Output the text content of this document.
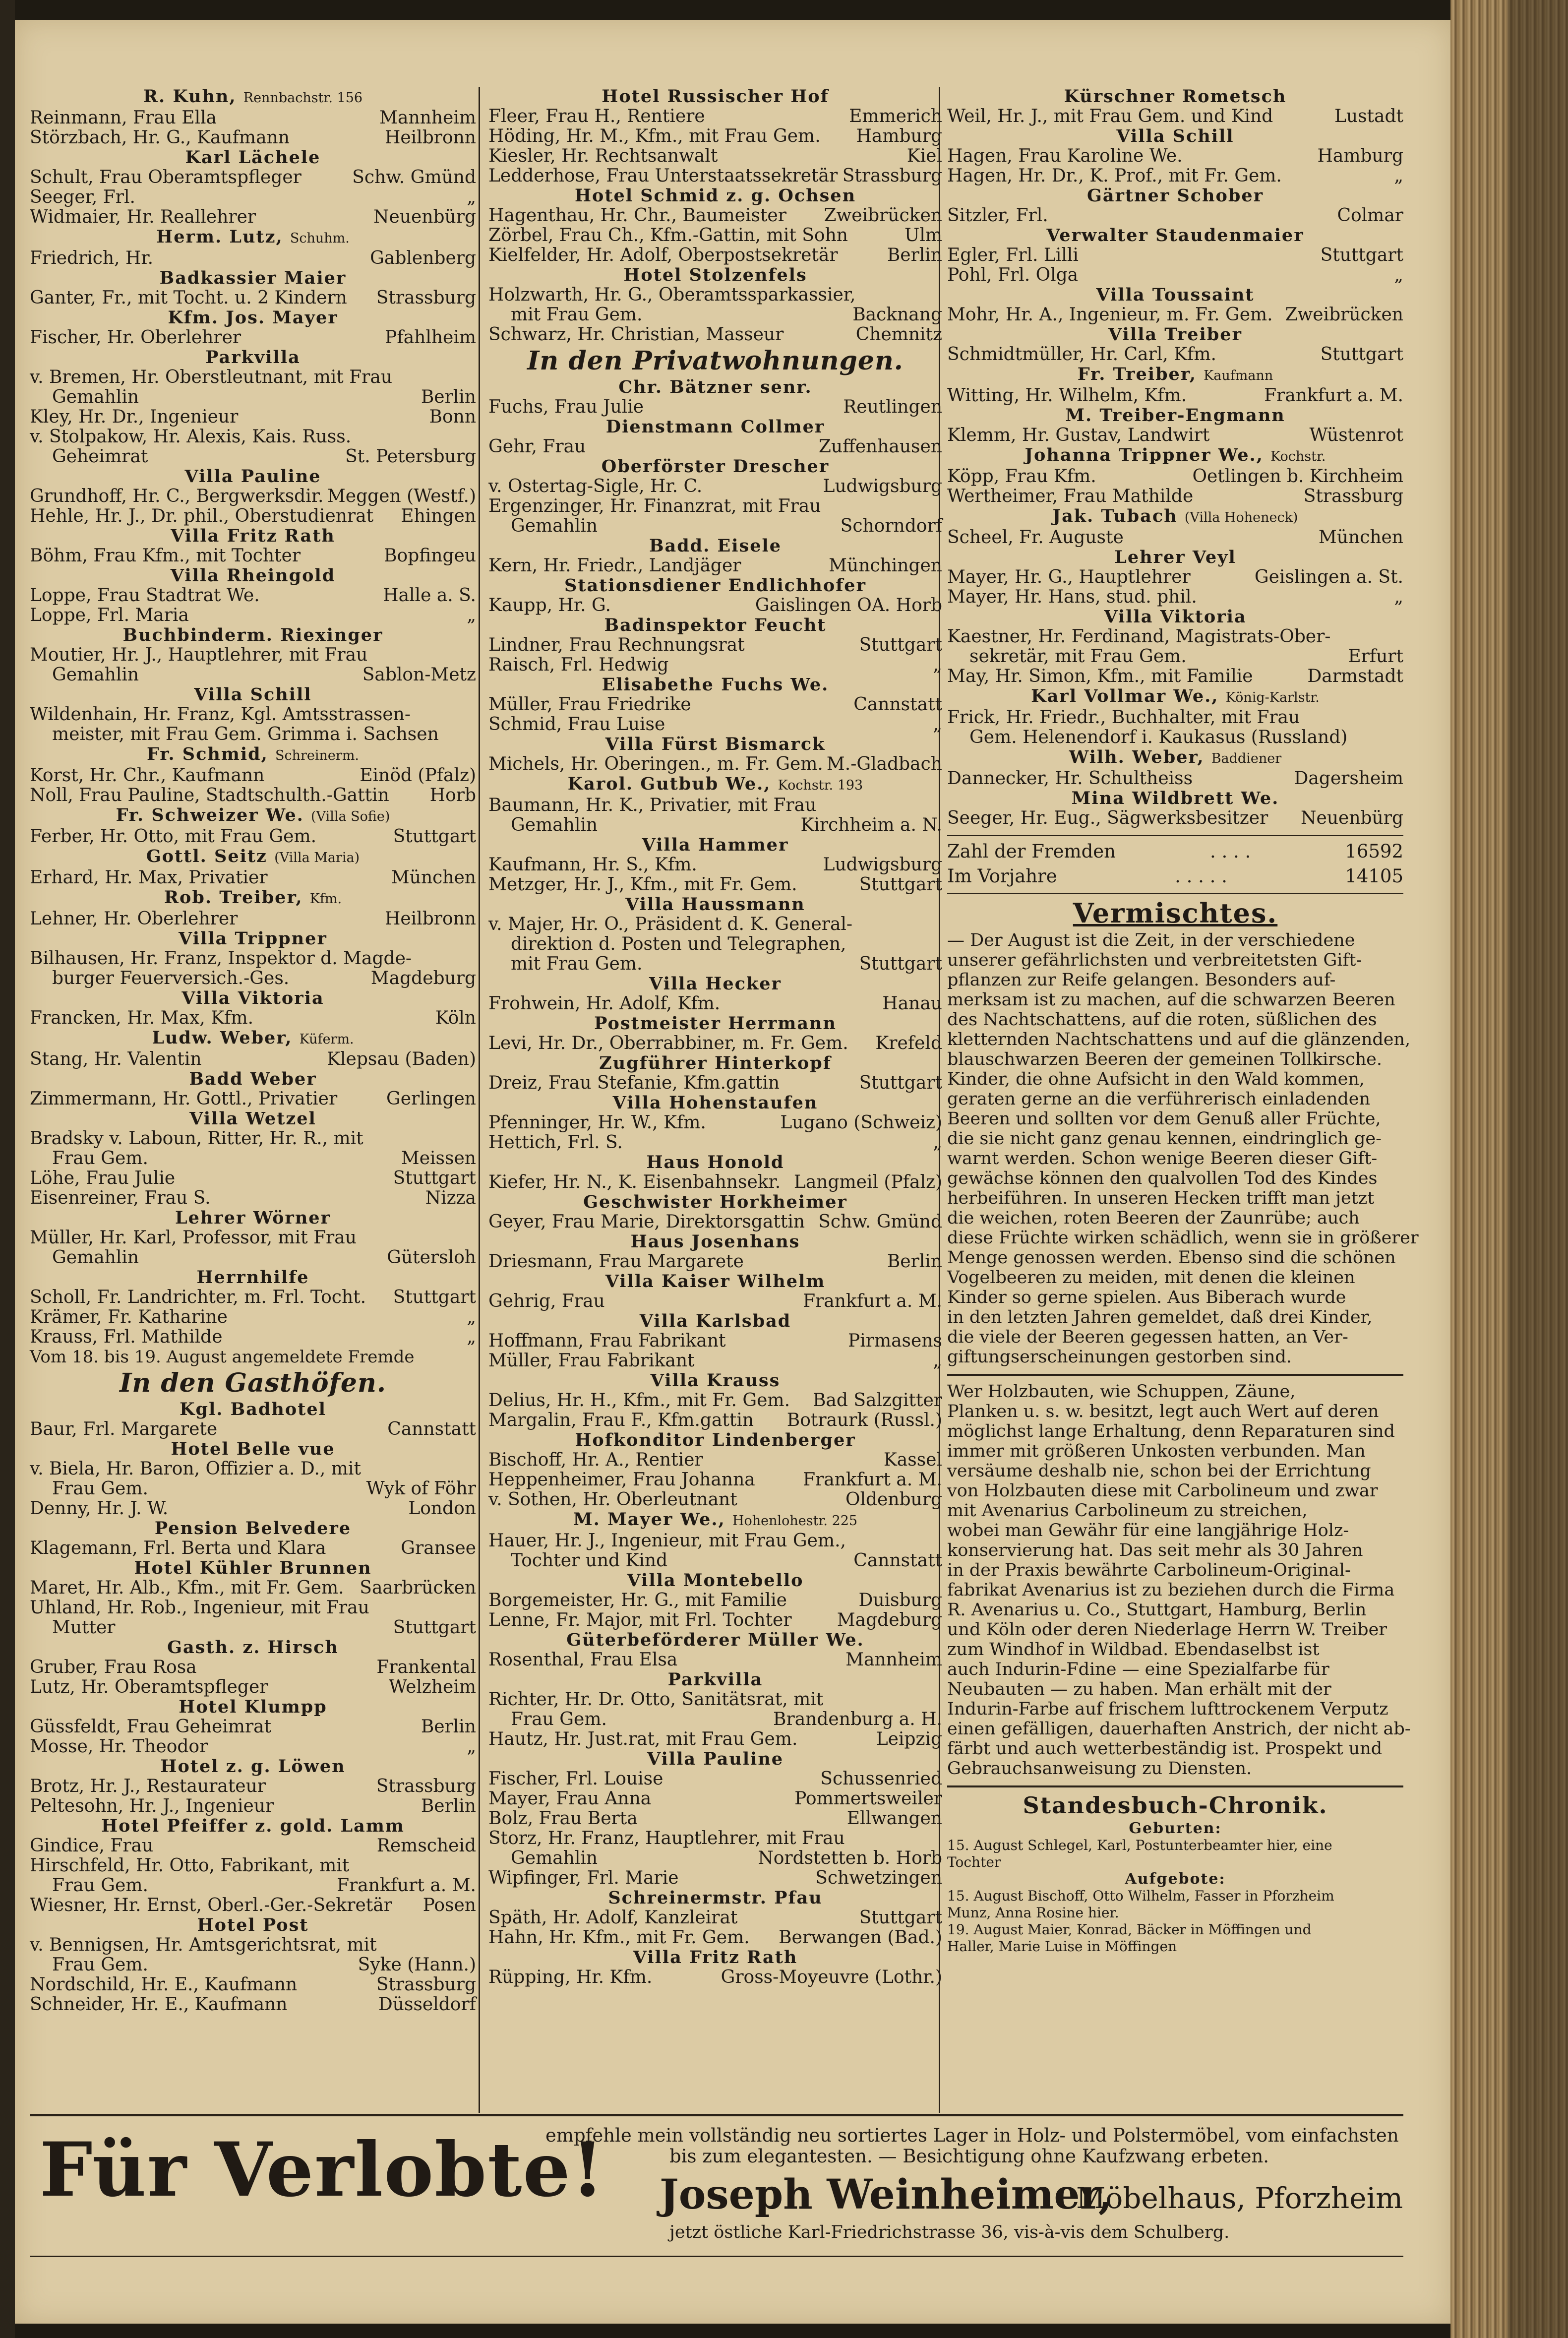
R. Kuhn, Rennbachstr. 156
Reinmann, Frau Ella	Mannheim
Störzbach, Hr. G., Kaufmann	Heilbronn
Karl Lächele
Schult, Frau Oberamtspfleger	Schw. Gmünd
Seeger, Frl.	„
Widmaier, Hr. Reallehrer	Neuenbürg
Herm. Lutz, Schuhm.
Friedrich, Hr.	Gablenberg
Badkassier Maier
Ganter, Fr., mit Tocht. u. 2 Kindern Strassburg
Kfm. Jos. Mayer
Fischer, Hr. Oberlehrer	Pfahlheim
Parkvilla
v. Bremen, Hr. Oberstleutnant, mit Frau
Gemahlin	Berlin
Kley, Hr. Dr., Ingenieur	Bonn
v. Stolpakow, Hr. Alexis, Kais. Russ.
Geheimrat	St. Petersburg
Villa Pauline
Grundhoff, Hr. C., Bergwerksdir. Meggen (Westf.)
Hehle, Hr. J., Dr. phil., Oberstudienrat Ehingen
Villa Fritz Rath
Böhm, Frau Kfm., mit Tochter	Bopfingeu
Villa Rheingold
Loppe, Frau Stadtrat We.	Halle a. S.
Loppe, Frl. Maria	„
Buchbinderm. Riexinger
Moutier, Hr. J., Hauptlehrer, mit Frau
Gemahlin	Sablon-Metz
Villa Schill
Wildenhain, Hr. Franz, Kgl. Amtsstrassen-
meister, mit Frau Gem. Grimma i. Sachsen
Fr. Schmid, Schreinerm.
Korst, Hr. Chr., Kaufmann	Einöd (Pfalz)
Noll, Frau Pauline, Stadtschulth.-Gattin Horb
Fr. Schweizer We. (Villa Sofie)
Ferber, Hr. Otto, mit Frau Gem.	Stuttgart
Gottl. Seitz (Villa Maria)
Erhard, Hr. Max, Privatier	München
Rob. Treiber, Kfm.
Lehner, Hr. Oberlehrer	Heilbronn
Villa Trippner
Bilhausen, Hr. Franz, Inspektor d. Magde-
burger Feuerversich.-Ges.	Magdeburg
Villa Viktoria
Francken, Hr. Max, Kfm.	Köln
Ludw. Weber, Küferm.
Stang, Hr. Valentin	Klepsau (Baden)
Badd Weber
Zimmermann, Hr. Gottl., Privatier	Gerlingen
Villa Wetzel
Bradsky v. Laboun, Ritter, Hr. R., mit
Frau Gem.	Meissen
Löhe, Frau Julie	Stuttgart
Eisenreiner, Frau S.	Nizza
Lehrer Wörner
Müller, Hr. Karl, Professor, mit Frau
Gemahlin	Gütersloh
Herrnhilfe
Scholl, Fr. Landrichter, m. Frl. Tocht. Stuttgart
Krämer, Fr. Katharine	„
Krauss, Frl. Mathilde	„
Vom 18. bis 19. August angemeldete Fremde
In den Gasthöfen.
Kgl. Badhotel
Baur, Frl. Margarete	Cannstatt
Hotel Belle vue
v. Biela, Hr. Baron, Offizier a. D., mit
Frau Gem.	Wyk of Föhr
Denny, Hr. J. W.	London
Pension Belvedere
Klagemann, Frl. Berta und Klara	Gransee
Hotel Kühler Brunnen
Maret, Hr. Alb., Kfm., mit Fr. Gem. Saarbrücken
Uhland, Hr. Rob., Ingenieur, mit Frau
Mutter	Stuttgart
Gasth. z. Hirsch
Gruber, Frau Rosa	Frankental
Lutz, Hr. Oberamtspfleger	Welzheim
Hotel Klumpp
Güssfeldt, Frau Geheimrat	Berlin
Mosse, Hr. Theodor	„
Hotel z. g. Löwen
Brotz, Hr. J., Restaurateur	Strassburg
Peltesohn, Hr. J., Ingenieur	Berlin
Hotel Pfeiffer z. gold. Lamm
Gindice, Frau	Remscheid
Hirschfeld, Hr. Otto, Fabrikant, mit
Frau Gem.	Frankfurt a. M.
Wiesner, Hr. Ernst, Oberl.-Ger.-Sekretär Posen
Hotel Post
v. Bennigsen, Hr. Amtsgerichtsrat, mit
Frau Gem.	Syke (Hann.)
Nordschild, Hr. E., Kaufmann	Strassburg
Schneider, Hr. E., Kaufmann	Düsseldorf
Hotel Russischer Hof
Fleer, Frau H., Rentiere	Emmerich
Höding, Hr. M., Kfm., mit Frau Gem. Hamburg
Kiesler, Hr. Rechtsanwalt	Kiel
Ledderhose, Frau Unterstaatssekretär Strassburg
Hotel Schmid z. g. Ochsen
Hagenthau, Hr. Chr., Baumeister Zweibrücken
Zörbel, Frau Ch., Kfm.-Gattin, mit Sohn	Ulm
Kielfelder, Hr. Adolf, Oberpostsekretär	Berlin
Hotel Stolzenfels
Holzwarth, Hr. G., Oberamtssparkassier,
mit Frau Gem.	Backnang
Schwarz, Hr. Christian, Masseur	Chemnitz
In den Privatwohnungen.
Chr. Bätzner senr.
Fuchs, Frau Julie	Reutlingen
Dienstmann Collmer
Gehr, Frau	Zuffenhausen
Oberförster Drescher
v. Ostertag-Sigle, Hr. C.	Ludwigsburg
Ergenzinger, Hr. Finanzrat, mit Frau
Gemahlin	Schorndorf
Badd. Eisele
Kern, Hr. Friedr., Landjäger	Münchingen
Stationsdiener Endlichhofer
Kaupp, Hr. G.	Gaislingen OA. Horb
Badinspektor Feucht
Lindner, Frau Rechnungsrat	Stuttgart
Raisch, Frl. Hedwig	„
Elisabethe Fuchs We.
Müller, Frau Friedrike	Cannstatt
Schmid, Frau Luise	„
Villa Fürst Bismarck
Michels, Hr. Oberingen., m. Fr. Gem. M.-Gladbach
Karol. Gutbub We., Kochstr. 193
Baumann, Hr. K., Privatier, mit Frau
Gemahlin	Kirchheim a. N.
Villa Hammer
Kaufmann, Hr. S., Kfm.	Ludwigsburg
Metzger, Hr. J., Kfm., mit Fr. Gem.	Stuttgart
Villa Haussmann
v. Majer, Hr. O., Präsident d. K. General-
direktion d. Posten und Telegraphen,
mit Frau Gem.	Stuttgart
Villa Hecker
Frohwein, Hr. Adolf, Kfm.	Hanau
Postmeister Herrmann
Levi, Hr. Dr., Oberrabbiner, m. Fr. Gem. Krefeld
Zugführer Hinterkopf
Dreiz, Frau Stefanie, Kfm.gattin	Stuttgart
Villa Hohenstaufen
Pfenninger, Hr. W., Kfm.	Lugano (Schweiz)
Hettich, Frl. S.	„
Haus Honold
Kiefer, Hr. N., K. Eisenbahnsekr. Langmeil (Pfalz)
Geschwister Horkheimer
Geyer, Frau Marie, Direktorsgattin Schw. Gmünd
Haus Josenhans
Driesmann, Frau Margarete	Berlin
Villa Kaiser Wilhelm
Gehrig, Frau	Frankfurt a. M.
Villa Karlsbad
Hoffmann, Frau Fabrikant	Pirmasens
Müller, Frau Fabrikant	„
Villa Krauss
Delius, Hr. H., Kfm., mit Fr. Gem. Bad Salzgitter
Margalin, Frau F., Kfm.gattin Botraurk (Russl.)
Hofkonditor Lindenberger
Bischoff, Hr. A., Rentier	Kassel
Heppenheimer, Frau Johanna	Frankfurt a. M.
v. Sothen, Hr. Oberleutnant	Oldenburg
M. Mayer We., Hohenlohestr. 225
Hauer, Hr. J., Ingenieur, mit Frau Gem.,
Tochter und Kind	Cannstatt
Villa Montebello
Borgemeister, Hr. G., mit Familie	Duisburg
Lenne, Fr. Major, mit Frl. Tochter	Magdeburg
Güterbeförderer Müller We.
Rosenthal, Frau Elsa	Mannheim
Parkvilla
Richter, Hr. Dr. Otto, Sanitätsrat, mit
Frau Gem.	Brandenburg a. H.
Hautz, Hr. Just.rat, mit Frau Gem.	Leipzig
Villa Pauline
Fischer, Frl. Louise	Schussenried
Mayer, Frau Anna	Pommertsweiler
Bolz, Frau Berta	Ellwangen
Storz, Hr. Franz, Hauptlehrer, mit Frau
Gemahlin	Nordstetten b. Horb
Wipfinger, Frl. Marie	Schwetzingen
Schreinermstr. Pfau
Späth, Hr. Adolf, Kanzleirat	Stuttgart
Hahn, Hr. Kfm., mit Fr. Gem. Berwangen (Bad.)
Villa Fritz Rath
Rüpping, Hr. Kfm.	Gross-Moyeuvre (Lothr.)
Kürschner Rometsch
Weil, Hr. J., mit Frau Gem. und Kind	Lustadt
Villa Schill
Hagen, Frau Karoline We.	Hamburg
Hagen, Hr. Dr., K. Prof., mit Fr. Gem.	„
Gärtner Schober
Sitzler, Frl.	Colmar
Verwalter Staudenmaier
Egler, Frl. Lilli	Stuttgart
Pohl, Frl. Olga	„
Villa Toussaint
Mohr, Hr. A., Ingenieur, m. Fr. Gem. Zweibrücken
Villa Treiber
Schmidtmüller, Hr. Carl, Kfm.	Stuttgart
Fr. Treiber, Kaufmann
Witting, Hr. Wilhelm, Kfm.	Frankfurt a. M.
M. Treiber-Engmann
Klemm, Hr. Gustav, Landwirt	Wüstenrot
Johanna Trippner We., Kochstr.
Köpp, Frau Kfm.	Oetlingen b. Kirchheim
Wertheimer, Frau Mathilde	Strassburg
Jak. Tubach (Villa Hoheneck)
Scheel, Fr. Auguste	München
Lehrer Veyl
Mayer, Hr. G., Hauptlehrer	Geislingen a. St.
Mayer, Hr. Hans, stud. phil.	„
Villa Viktoria
Kaestner, Hr. Ferdinand, Magistrats-Ober-
sekretär, mit Frau Gem.	Erfurt
May, Hr. Simon, Kfm., mit Familie	Darmstadt
Karl Vollmar We., König-Karlstr.
Frick, Hr. Friedr., Buchhalter, mit Frau
Gem. Helenendorf i. Kaukasus (Russland)
Wilh. Weber, Baddiener
Dannecker, Hr. Schultheiss	Dagersheim
Mina Wildbrett We.
Seeger, Hr. Eug., Sägwerksbesitzer Neuenbürg
Zahl der Fremden	. . . .	16592
Im Vorjahre	. . . . .	14105
Vermischtes.
— Der August ist die Zeit, in der verschiedene
unserer gefährlichsten und verbreitetsten Gift-
pflanzen zur Reife gelangen. Besonders auf-
merksam ist zu machen, auf die schwarzen Beeren
des Nachtschattens, auf die roten, süßlichen des
kletternden Nachtschattens und auf die glänzenden,
blauschwarzen Beeren der gemeinen Tollkirsche.
Kinder, die ohne Aufsicht in den Wald kommen,
geraten gerne an die verführerisch einladenden
Beeren und sollten vor dem Genuß aller Früchte,
die sie nicht ganz genau kennen, eindringlich ge-
warnt werden. Schon wenige Beeren dieser Gift-
gewächse können den qualvollen Tod des Kindes
herbeiführen. In unseren Hecken trifft man jetzt
die weichen, roten Beeren der Zaunrübe; auch
diese Früchte wirken schädlich, wenn sie in größerer
Menge genossen werden. Ebenso sind die schönen
Vogelbeeren zu meiden, mit denen die kleinen
Kinder so gerne spielen. Aus Biberach wurde
in den letzten Jahren gemeldet, daß drei Kinder,
die viele der Beeren gegessen hatten, an Ver-
giftungserscheinungen gestorben sind.
Wer Holzbauten, wie Schuppen, Zäune,
Planken u. s. w. besitzt, legt auch Wert auf deren
möglichst lange Erhaltung, denn Reparaturen sind
immer mit größeren Unkosten verbunden. Man
versäume deshalb nie, schon bei der Errichtung
von Holzbauten diese mit Carbolineum und zwar
mit Avenarius Carbolineum zu streichen,
wobei man Gewähr für eine langjährige Holz-
konservierung hat. Das seit mehr als 30 Jahren
in der Praxis bewährte Carbolineum-Original-
fabrikat Avenarius ist zu beziehen durch die Firma
R. Avenarius u. Co., Stuttgart, Hamburg, Berlin
und Köln oder deren Niederlage Herrn W. Treiber
zum Windhof in Wildbad. Ebendaselbst ist
auch Indurin-Fdine — eine Spezialfarbe für
Neubauten — zu haben. Man erhält mit der
Indurin-Farbe auf frischem lufttrockenem Verputz
einen gefälligen, dauerhaften Anstrich, der nicht ab-
färbt und auch wetterbeständig ist. Prospekt und
Gebrauchsanweisung zu Diensten.
Standesbuch-Chronik.
Geburten:
15. August Schlegel, Karl, Postunterbeamter hier, eine
Tochter
Aufgebote:
15. August Bischoff, Otto Wilhelm, Fasser in Pforzheim
Munz, Anna Rosine hier.
19. August Maier, Konrad, Bäcker in Möffingen und
Haller, Marie Luise in Möffingen
Für Verlobte!
empfehle mein vollständig neu sortiertes Lager in Holz- und Polstermöbel, vom einfachsten
bis zum elegantesten. — Besichtigung ohne Kaufzwang erbeten.
Joseph Weinheimer,
Möbelhaus, Pforzheim
jetzt östliche Karl-Friedrichstrasse 36, vis-à-vis dem Schulberg.
